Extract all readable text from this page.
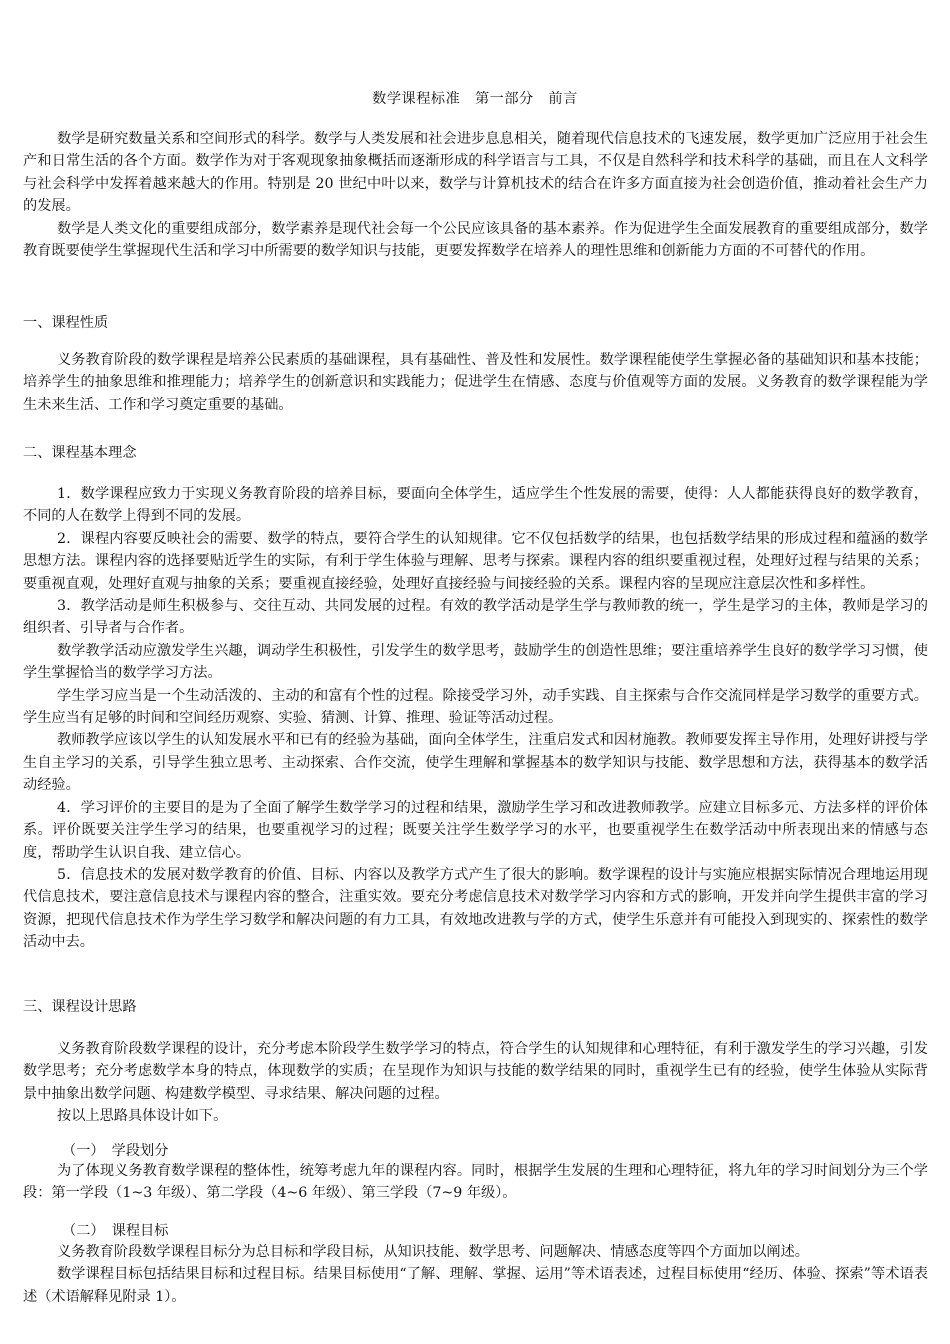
数学课程标准　第一部分　前言

数学是研究数量关系和空间形式的科学。数学与人类发展和社会进步息息相关，随着现代信息技术的飞速发展，数学更加广泛应用于社会生产和日常生活的各个方面。数学作为对于客观现象抽象概括而逐渐形成的科学语言与工具，不仅是自然科学和技术科学的基础，而且在人文科学与社会科学中发挥着越来越大的作用。特别是 20 世纪中叶以来，数学与计算机技术的结合在许多方面直接为社会创造价值，推动着社会生产力的发展。

数学是人类文化的重要组成部分，数学素养是现代社会每一个公民应该具备的基本素养。作为促进学生全面发展教育的重要组成部分，数学教育既要使学生掌握现代生活和学习中所需要的数学知识与技能，更要发挥数学在培养人的理性思维和创新能力方面的不可替代的作用。

一、课程性质

义务教育阶段的数学课程是培养公民素质的基础课程，具有基础性、普及性和发展性。数学课程能使学生掌握必备的基础知识和基本技能；培养学生的抽象思维和推理能力；培养学生的创新意识和实践能力；促进学生在情感、态度与价值观等方面的发展。义务教育的数学课程能为学生未来生活、工作和学习奠定重要的基础。

二、课程基本理念

1．数学课程应致力于实现义务教育阶段的培养目标，要面向全体学生，适应学生个性发展的需要，使得：人人都能获得良好的数学教育，不同的人在数学上得到不同的发展。

2．课程内容要反映社会的需要、数学的特点，要符合学生的认知规律。它不仅包括数学的结果，也包括数学结果的形成过程和蕴涵的数学思想方法。课程内容的选择要贴近学生的实际，有利于学生体验与理解、思考与探索。课程内容的组织要重视过程，处理好过程与结果的关系；要重视直观，处理好直观与抽象的关系；要重视直接经验，处理好直接经验与间接经验的关系。课程内容的呈现应注意层次性和多样性。

3．教学活动是师生积极参与、交往互动、共同发展的过程。有效的教学活动是学生学与教师教的统一，学生是学习的主体，教师是学习的组织者、引导者与合作者。

数学教学活动应激发学生兴趣，调动学生积极性，引发学生的数学思考，鼓励学生的创造性思维；要注重培养学生良好的数学学习习惯，使学生掌握恰当的数学学习方法。

学生学习应当是一个生动活泼的、主动的和富有个性的过程。除接受学习外，动手实践、自主探索与合作交流同样是学习数学的重要方式。学生应当有足够的时间和空间经历观察、实验、猜测、计算、推理、验证等活动过程。

教师教学应该以学生的认知发展水平和已有的经验为基础，面向全体学生，注重启发式和因材施教。教师要发挥主导作用，处理好讲授与学生自主学习的关系，引导学生独立思考、主动探索、合作交流，使学生理解和掌握基本的数学知识与技能、数学思想和方法，获得基本的数学活动经验。

4．学习评价的主要目的是为了全面了解学生数学学习的过程和结果，激励学生学习和改进教师教学。应建立目标多元、方法多样的评价体系。评价既要关注学生学习的结果，也要重视学习的过程；既要关注学生数学学习的水平，也要重视学生在数学活动中所表现出来的情感与态度，帮助学生认识自我、建立信心。

5．信息技术的发展对数学教育的价值、目标、内容以及教学方式产生了很大的影响。数学课程的设计与实施应根据实际情况合理地运用现代信息技术，要注意信息技术与课程内容的整合，注重实效。要充分考虑信息技术对数学学习内容和方式的影响，开发并向学生提供丰富的学习资源，把现代信息技术作为学生学习数学和解决问题的有力工具，有效地改进教与学的方式，使学生乐意并有可能投入到现实的、探索性的数学活动中去。

三、课程设计思路

义务教育阶段数学课程的设计，充分考虑本阶段学生数学学习的特点，符合学生的认知规律和心理特征，有利于激发学生的学习兴趣，引发数学思考；充分考虑数学本身的特点，体现数学的实质；在呈现作为知识与技能的数学结果的同时，重视学生已有的经验，使学生体验从实际背景中抽象出数学问题、构建数学模型、寻求结果、解决问题的过程。

按以上思路具体设计如下。

（一）　学段划分

为了体现义务教育数学课程的整体性，统筹考虑九年的课程内容。同时，根据学生发展的生理和心理特征，将九年的学习时间划分为三个学段：第一学段（1~3 年级）、第二学段（4~6 年级）、第三学段（7~9 年级）。

（二）　课程目标

义务教育阶段数学课程目标分为总目标和学段目标，从知识技能、数学思考、问题解决、情感态度等四个方面加以阐述。

数学课程目标包括结果目标和过程目标。结果目标使用“了解、理解、掌握、运用”等术语表述，过程目标使用“经历、体验、探索”等术语表述（术语解释见附录 1）。
